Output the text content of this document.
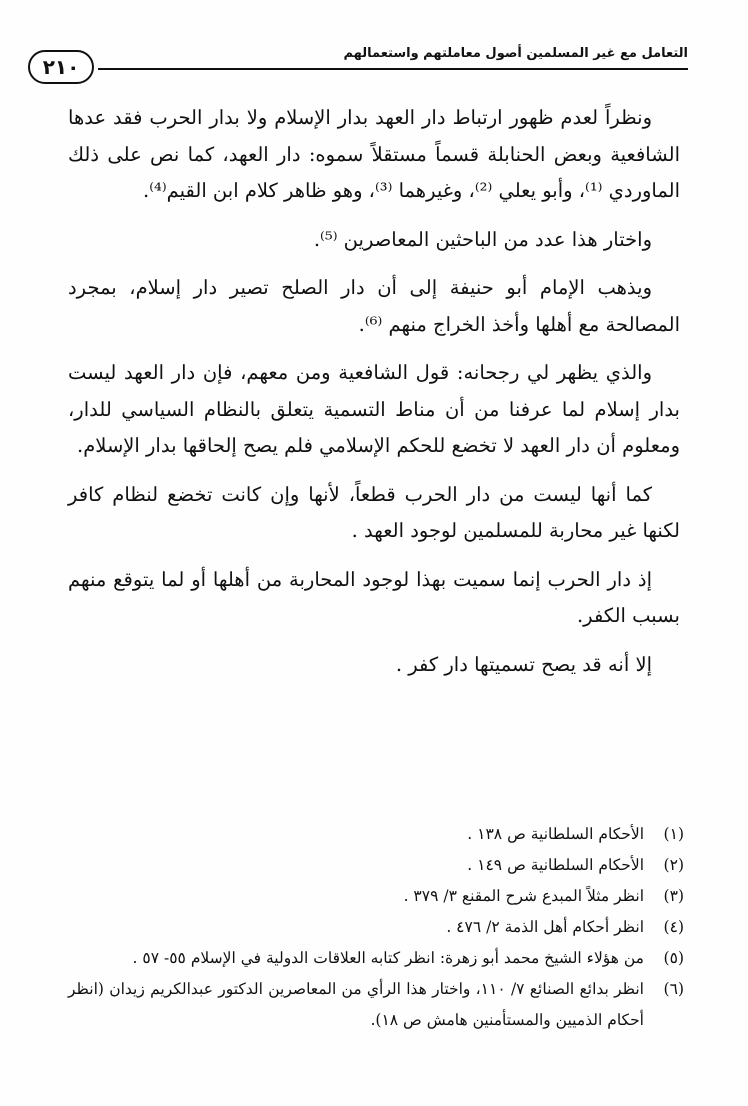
التعامل مع غير المسلمين أصول معاملتهم واستعمالهم
٢١٠

ونظراً لعدم ظهور ارتباط دار العهد بدار الإسلام ولا بدار الحرب فقد عدها الشافعية وبعض الحنابلة قسماً مستقلاً سموه: دار العهد، كما نص على ذلك الماوردي ⁽¹⁾، وأبو يعلي ⁽²⁾، وغيرهما ⁽³⁾، وهو ظاهر كلام ابن القيم⁽⁴⁾.

واختار هذا عدد من الباحثين المعاصرين ⁽⁵⁾.

ويذهب الإمام أبو حنيفة إلى أن دار الصلح تصير دار إسلام، بمجرد المصالحة مع أهلها وأخذ الخراج منهم ⁽⁶⁾.

والذي يظهر لي رجحانه: قول الشافعية ومن معهم، فإن دار العهد ليست بدار إسلام لما عرفنا من أن مناط التسمية يتعلق بالنظام السياسي للدار، ومعلوم أن دار العهد لا تخضع للحكم الإسلامي فلم يصح إلحاقها بدار الإسلام.

كما أنها ليست من دار الحرب قطعاً، لأنها وإن كانت تخضع لنظام كافر لكنها غير محاربة للمسلمين لوجود العهد .

إذ دار الحرب إنما سميت بهذا لوجود المحاربة من أهلها أو لما يتوقع منهم بسبب الكفر.

إلا أنه قد يصح تسميتها دار كفر .

(١)
الأحكام السلطانية ص ١٣٨ .
(٢)
الأحكام السلطانية ص ١٤٩ .
(٣)
انظر مثلاً المبدع شرح المقنع ٣/ ٣٧٩ .
(٤)
انظر أحكام أهل الذمة ٢/ ٤٧٦ .
(٥)
من هؤلاء الشيخ محمد أبو زهرة: انظر كتابه العلاقات الدولية في الإسلام ٥٥- ٥٧ .
(٦)
انظر بدائع الصنائع ٧/ ١١٠، واختار هذا الرأي من المعاصرين الدكتور عبدالكريم زيدان (انظر أحكام الذميين والمستأمنين هامش ص ١٨).
